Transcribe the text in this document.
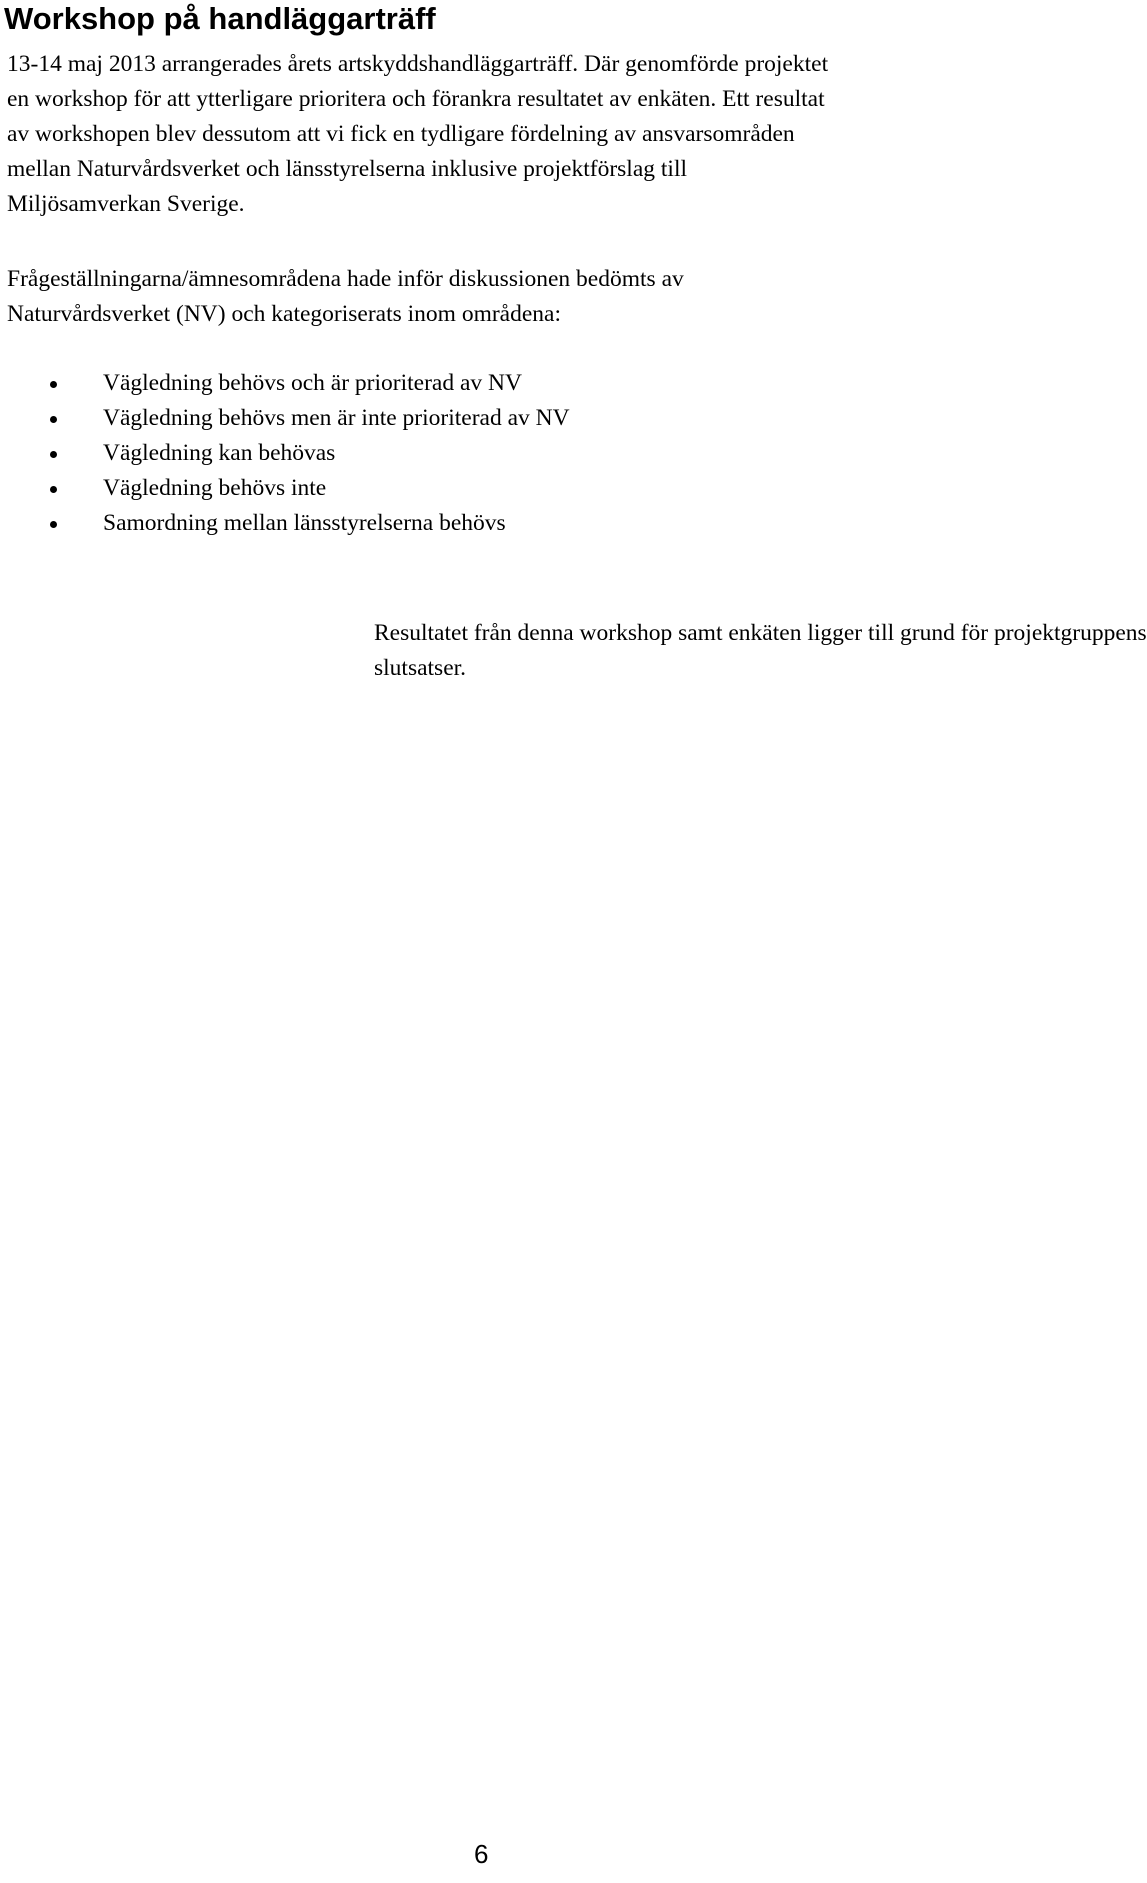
Workshop på handläggarträff

13-14 maj 2013 arrangerades årets artskyddshandläggarträff. Där genomförde projektet
en workshop för att ytterligare prioritera och förankra resultatet av enkäten. Ett resultat
av workshopen blev dessutom att vi fick en tydligare fördelning av ansvarsområden
mellan Naturvårdsverket och länsstyrelserna inklusive projektförslag till
Miljösamverkan Sverige.

Frågeställningarna/ämnesområdena hade inför diskussionen bedömts av
Naturvårdsverket (NV) och kategoriserats inom områdena:

Vägledning behövs och är prioriterad av NV
Vägledning behövs men är inte prioriterad av NV
Vägledning kan behövas
Vägledning behövs inte
Samordning mellan länsstyrelserna behövs

Resultatet från denna workshop samt enkäten ligger till grund för projektgruppens
slutsatser.

6
